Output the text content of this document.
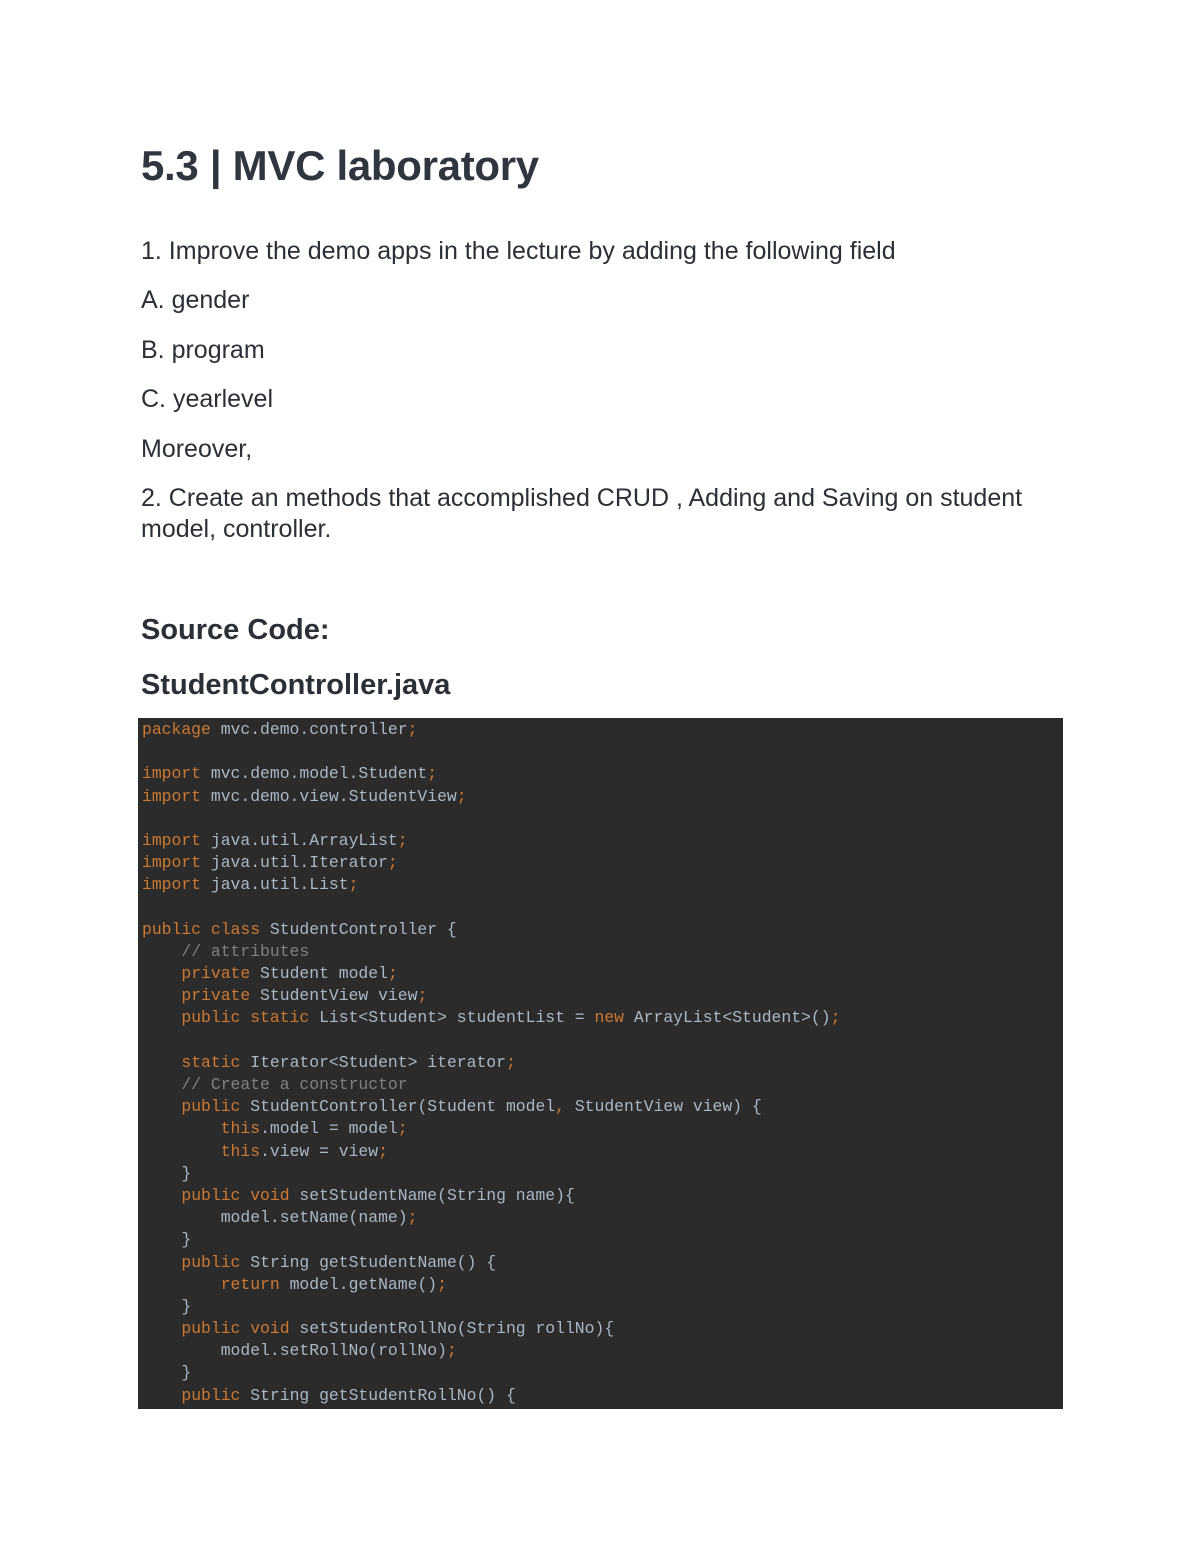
5.3 | MVC laboratory

1. Improve the demo apps in the lecture by adding the following field

A. gender

B. program

C. yearlevel

Moreover,

2. Create an methods that accomplished CRUD , Adding and Saving on student model, controller.

Source Code:
StudentController.java
package mvc.demo.controller;

import mvc.demo.model.Student;
import mvc.demo.view.StudentView;

import java.util.ArrayList;
import java.util.Iterator;
import java.util.List;

public class StudentController {
// attributes
private Student model;
private StudentView view;
public static List<Student> studentList = new ArrayList<Student>();

static Iterator<Student> iterator;
// Create a constructor
public StudentController(Student model, StudentView view) {
this.model = model;
this.view = view;
}
public void setStudentName(String name){
model.setName(name);
}
public String getStudentName() {
return model.getName();
}
public void setStudentRollNo(String rollNo){
model.setRollNo(rollNo);
}
public String getStudentRollNo() {
